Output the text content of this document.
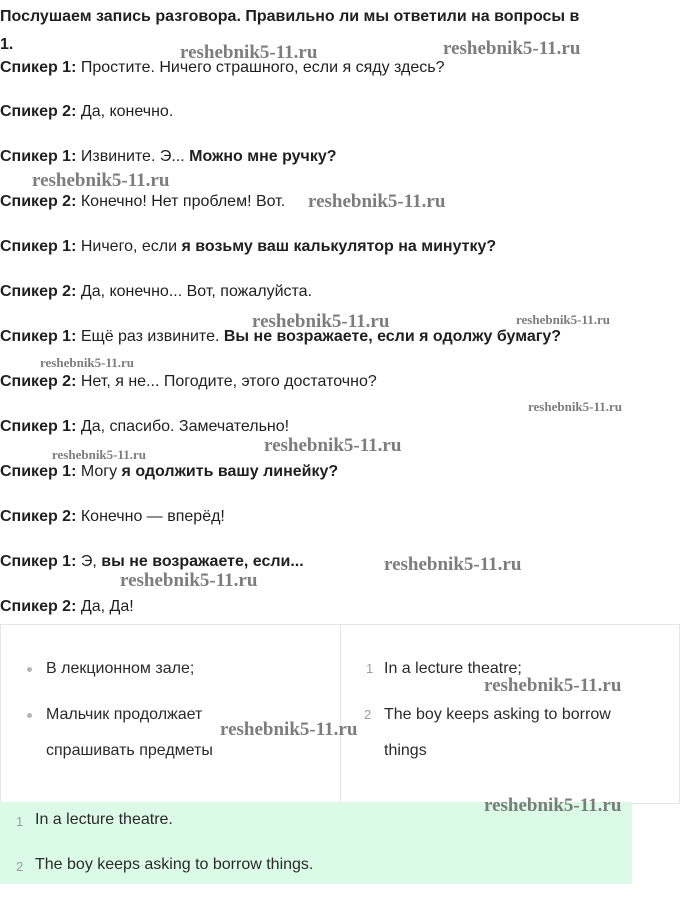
Послушаем запись разговора. Правильно ли мы ответили на вопросы в
1.
Спикер 1: Простите. Ничего страшного, если я сяду здесь?
Спикер 2: Да, конечно.
Спикер 1: Извините. Э... Можно мне ручку?
Спикер 2: Конечно! Нет проблем! Вот.
Спикер 1: Ничего, если я возьму ваш калькулятор на минутку?
Спикер 2: Да, конечно... Вот, пожалуйста.
Спикер 1: Ещё раз извините. Вы не возражаете, если я одолжу бумагу?
Спикер 2: Нет, я не... Погодите, этого достаточно?
Спикер 1: Да, спасибо. Замечательно!
Спикер 1: Могу я одолжить вашу линейку?
Спикер 2: Конечно — вперёд!
Спикер 1: Э, вы не возражаете, если...
Спикер 2: Да, Да!
В лекционном зале;
Мальчик продолжает
спрашивать предметы
1 In a lecture theatre;
2 The boy keeps asking to borrow
things
1 In a lecture theatre.
2 The boy keeps asking to borrow things.
reshebnik5-11.ru	reshebnik5-11.ru
reshebnik5-11.ru
reshebnik5-11.ru
reshebnik5-11.ru	reshebnik5-11.ru
reshebnik5-11.ru
reshebnik5-11.ru
reshebnik5-11.ru
reshebnik5-11.ru
reshebnik5-11.ru
reshebnik5-11.ru
reshebnik5-11.ru
reshebnik5-11.ru
reshebnik5-11.ru
